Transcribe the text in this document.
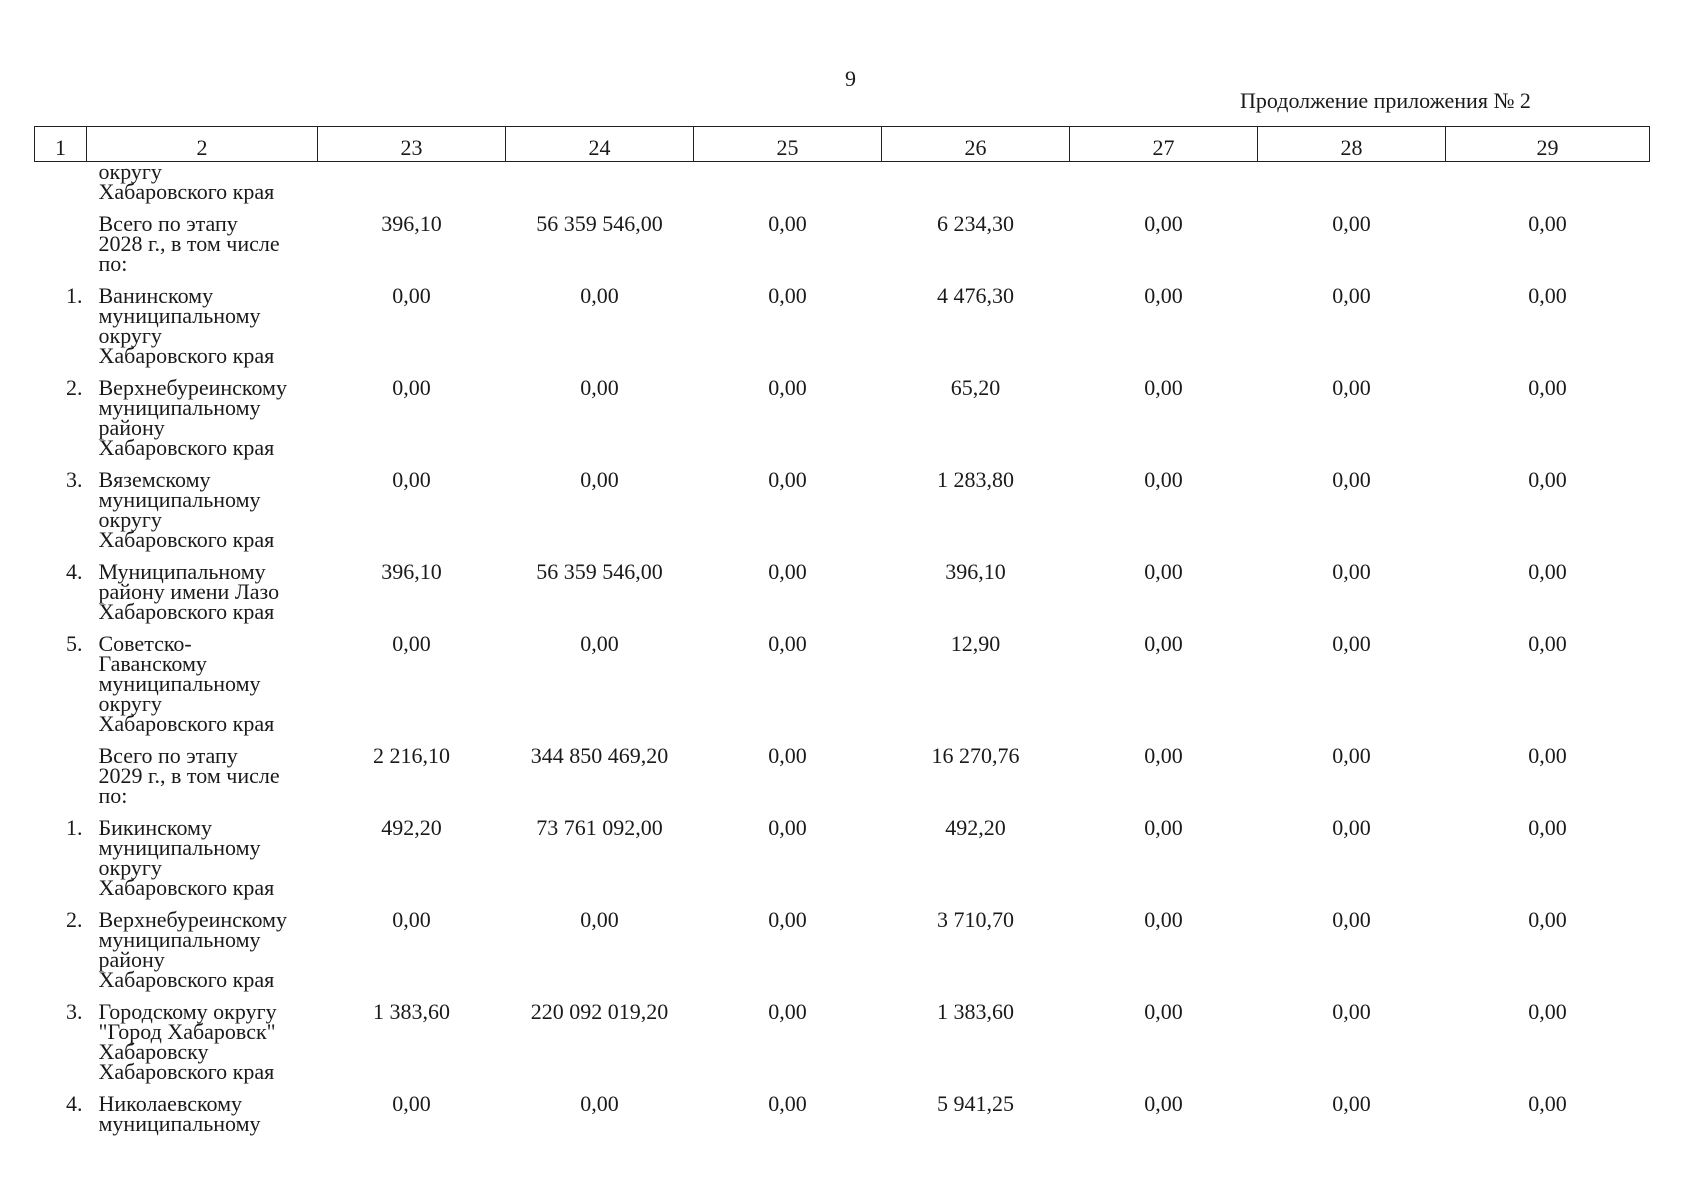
9
Продолжение приложения № 2
1	2	23	24	25	26	27	28	29
	округу
Хабаровского края							
	Всего по этапу
2028 г., в том числе
по:	396,10	56 359 546,00	0,00	6 234,30	0,00	0,00	0,00
1.	Ванинскому
муниципальному
округу
Хабаровского края	0,00	0,00	0,00	4 476,30	0,00	0,00	0,00
2.	Верхнебуреинскому
муниципальному
району
Хабаровского края	0,00	0,00	0,00	65,20	0,00	0,00	0,00
3.	Вяземскому
муниципальному
округу
Хабаровского края	0,00	0,00	0,00	1 283,80	0,00	0,00	0,00
4.	Муниципальному
району имени Лазо
Хабаровского края	396,10	56 359 546,00	0,00	396,10	0,00	0,00	0,00
5.	Советско-
Гаванскому
муниципальному
округу
Хабаровского края	0,00	0,00	0,00	12,90	0,00	0,00	0,00
	Всего по этапу
2029 г., в том числе
по:	2 216,10	344 850 469,20	0,00	16 270,76	0,00	0,00	0,00
1.	Бикинскому
муниципальному
округу
Хабаровского края	492,20	73 761 092,00	0,00	492,20	0,00	0,00	0,00
2.	Верхнебуреинскому
муниципальному
району
Хабаровского края	0,00	0,00	0,00	3 710,70	0,00	0,00	0,00
3.	Городскому округу
"Город Хабаровск"
Хабаровску
Хабаровского края	1 383,60	220 092 019,20	0,00	1 383,60	0,00	0,00	0,00
4.	Николаевскому
муниципальному	0,00	0,00	0,00	5 941,25	0,00	0,00	0,00
